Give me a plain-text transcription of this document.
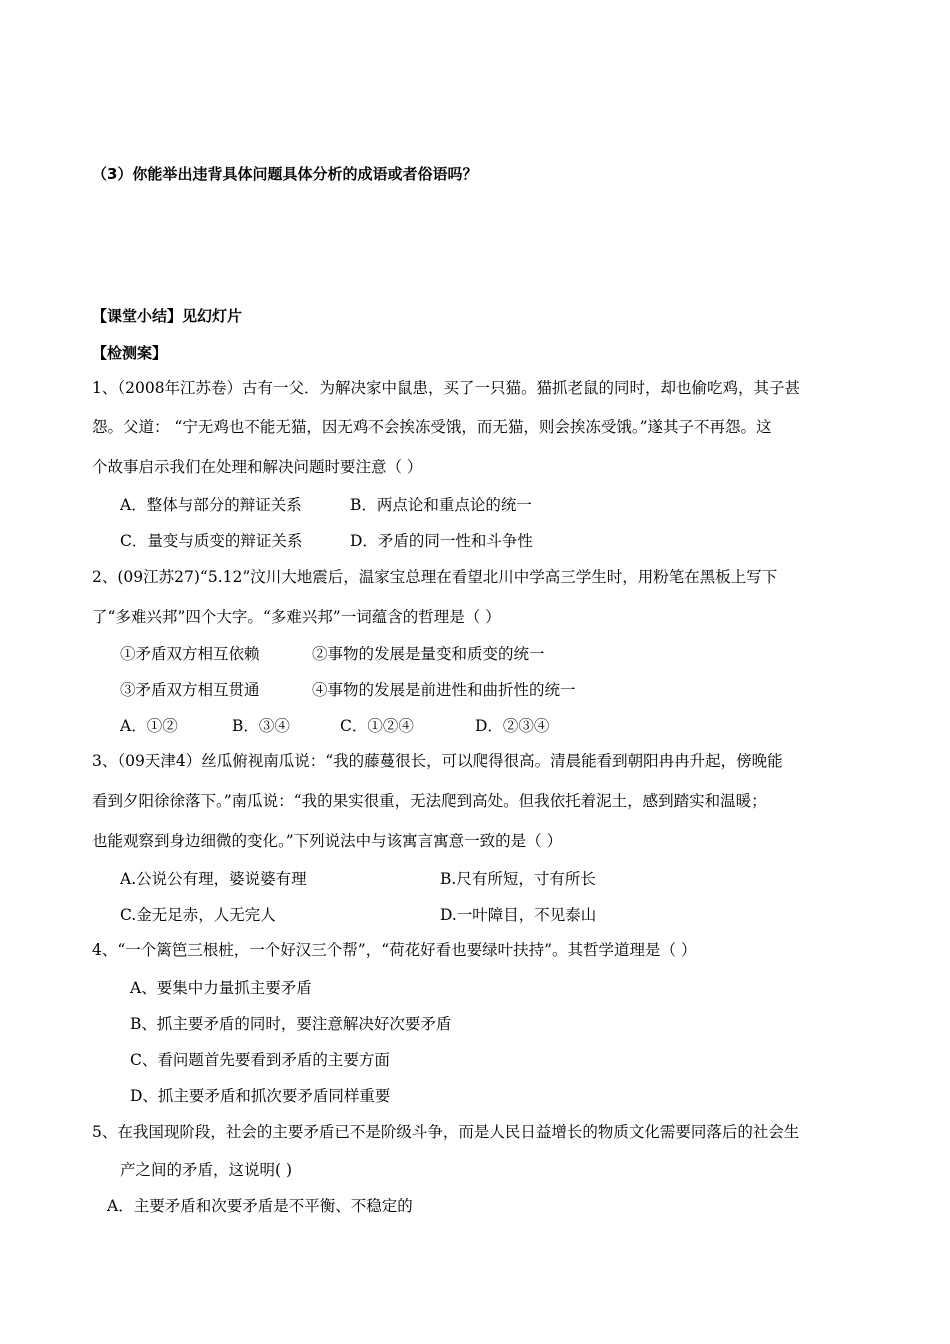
（3）你能举出违背具体问题具体分析的成语或者俗语吗？
【课堂小结】见幻灯片
【检测案】
1、（2008年江苏卷）古有一父．为解决家中鼠患，买了一只猫。猫抓老鼠的同时，却也偷吃鸡，其子甚
怨。父道： “宁无鸡也不能无猫，因无鸡不会挨冻受饿，而无猫，则会挨冻受饿。”遂其子不再怨。这
个故事启示我们在处理和解决问题时要注意（ ）
A．整体与部分的辩证关系	B．两点论和重点论的统一
C．量变与质变的辩证关系	D．矛盾的同一性和斗争性
2、(09江苏27)“5.12”汶川大地震后，温家宝总理在看望北川中学高三学生时，用粉笔在黑板上写下
了“多难兴邦”四个大字。“多难兴邦”一词蕴含的哲理是（ ）
①矛盾双方相互依赖	②事物的发展是量变和质变的统一
③矛盾双方相互贯通	④事物的发展是前进性和曲折性的统一
A．①②	B．③④	C．①②④	D．②③④
3、（09天津4）丝瓜俯视南瓜说：“我的藤蔓很长，可以爬得很高。清晨能看到朝阳冉冉升起，傍晚能
看到夕阳徐徐落下。”南瓜说：“我的果实很重，无法爬到高处。但我依托着泥土，感到踏实和温暖；
也能观察到身边细微的变化。”下列说法中与该寓言寓意一致的是（ ）
A.公说公有理，婆说婆有理	B.尺有所短，寸有所长
C.金无足赤，人无完人	D.一叶障目，不见泰山
4、“一个篱笆三根桩，一个好汉三个帮”，“荷花好看也要绿叶扶持”。其哲学道理是（ ）
A、要集中力量抓主要矛盾
B、抓主要矛盾的同时，要注意解决好次要矛盾
C、看问题首先要看到矛盾的主要方面
D、抓主要矛盾和抓次要矛盾同样重要
5、在我国现阶段，社会的主要矛盾已不是阶级斗争，而是人民日益增长的物质文化需要同落后的社会生
产之间的矛盾，这说明( )
A．主要矛盾和次要矛盾是不平衡、不稳定的
